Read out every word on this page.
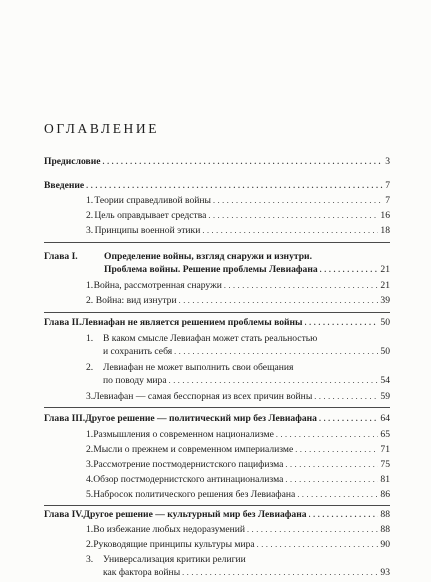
ОГЛАВЛЕНИЕ
Предисловие . . .	3
Введение . . .	7
1. Теории справедливой войны . . .	7
2. Цель оправдывает средства . . .	16
3. Принципы военной этики . . .	18
Глава I.	Определение войны, взгляд снаружи и изнутри.
Проблема войны. Решение проблемы Левиафана . . .	21
1. Война, рассмотренная снаружи . . .	21
2. Война: вид изнутри . . .	39
Глава II. Левиафан не является решением проблемы войны . . .	50
1. В каком смысле Левиафан может стать реальностью
и сохранить себя . . .	50
2. Левиафан не может выполнить свои обещания
по поводу мира . . .	54
3. Левиафан — самая бесспорная из всех причин войны . . .	59
Глава III. Другое решение — политический мир без Левиафана . . .	64
1. Размышления о современном национализме . . .	65
2. Мысли о прежнем и современном империализме . . .	71
3. Рассмотрение постмодернистского пацифизма . . .	75
4. Обзор постмодернистского антинационализма . . .	81
5. Набросок политического решения без Левиафана . . .	86
Глава IV. Другое решение — культурный мир без Левиафана . . .	88
1. Во избежание любых недоразумений . . .	88
2. Руководящие принципы культуры мира . . .	90
3. Универсализация критики религии
как фактора войны . . .	93
